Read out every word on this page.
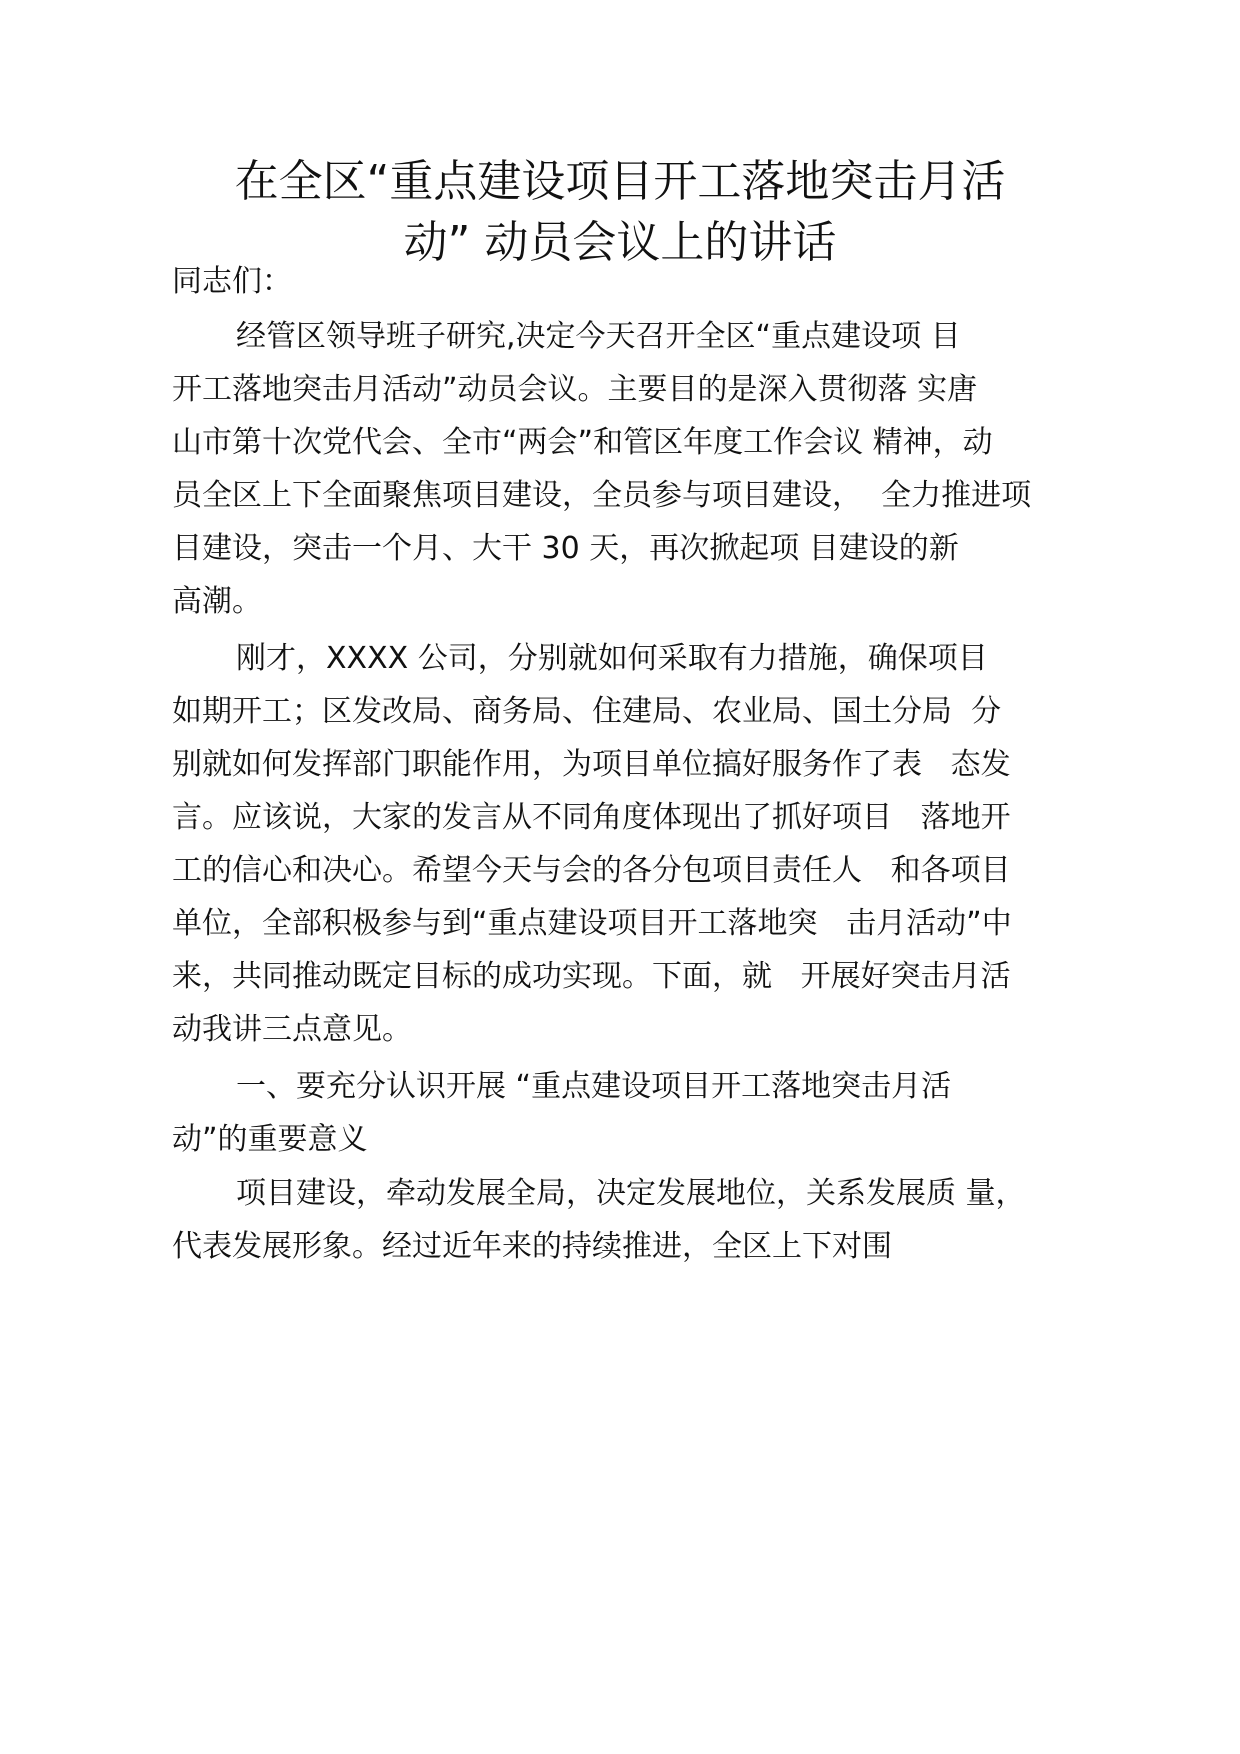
在全区“重点建设项目开工落地突击月活
动” 动员会议上的讲话

同志们：

经管区领导班子研究,决定今天召开全区“重点建设项 目

开工落地突击月活动”动员会议。主要目的是深入贯彻落 实唐

山市第十次党代会、全市“两会”和管区年度工作会议 精神，动

员全区上下全面聚焦项目建设，全员参与项目建设，  全力推进项

目建设，突击一个月、大干 30 天，再次掀起项 目建设的新

高潮。

刚才，XXXX 公司，分别就如何采取有力措施，确保项目

如期开工；区发改局、商务局、住建局、农业局、国土分局  分

别就如何发挥部门职能作用，为项目单位搞好服务作了表   态发

言。应该说，大家的发言从不同角度体现出了抓好项目   落地开

工的信心和决心。希望今天与会的各分包项目责任人   和各项目

单位，全部积极参与到“重点建设项目开工落地突   击月活动”中

来，共同推动既定目标的成功实现。下面，就   开展好突击月活

动我讲三点意见。

一、要充分认识开展 “重点建设项目开工落地突击月活

动”的重要意义

项目建设，牵动发展全局，决定发展地位，关系发展质 量，

代表发展形象。经过近年来的持续推进，全区上下对围
